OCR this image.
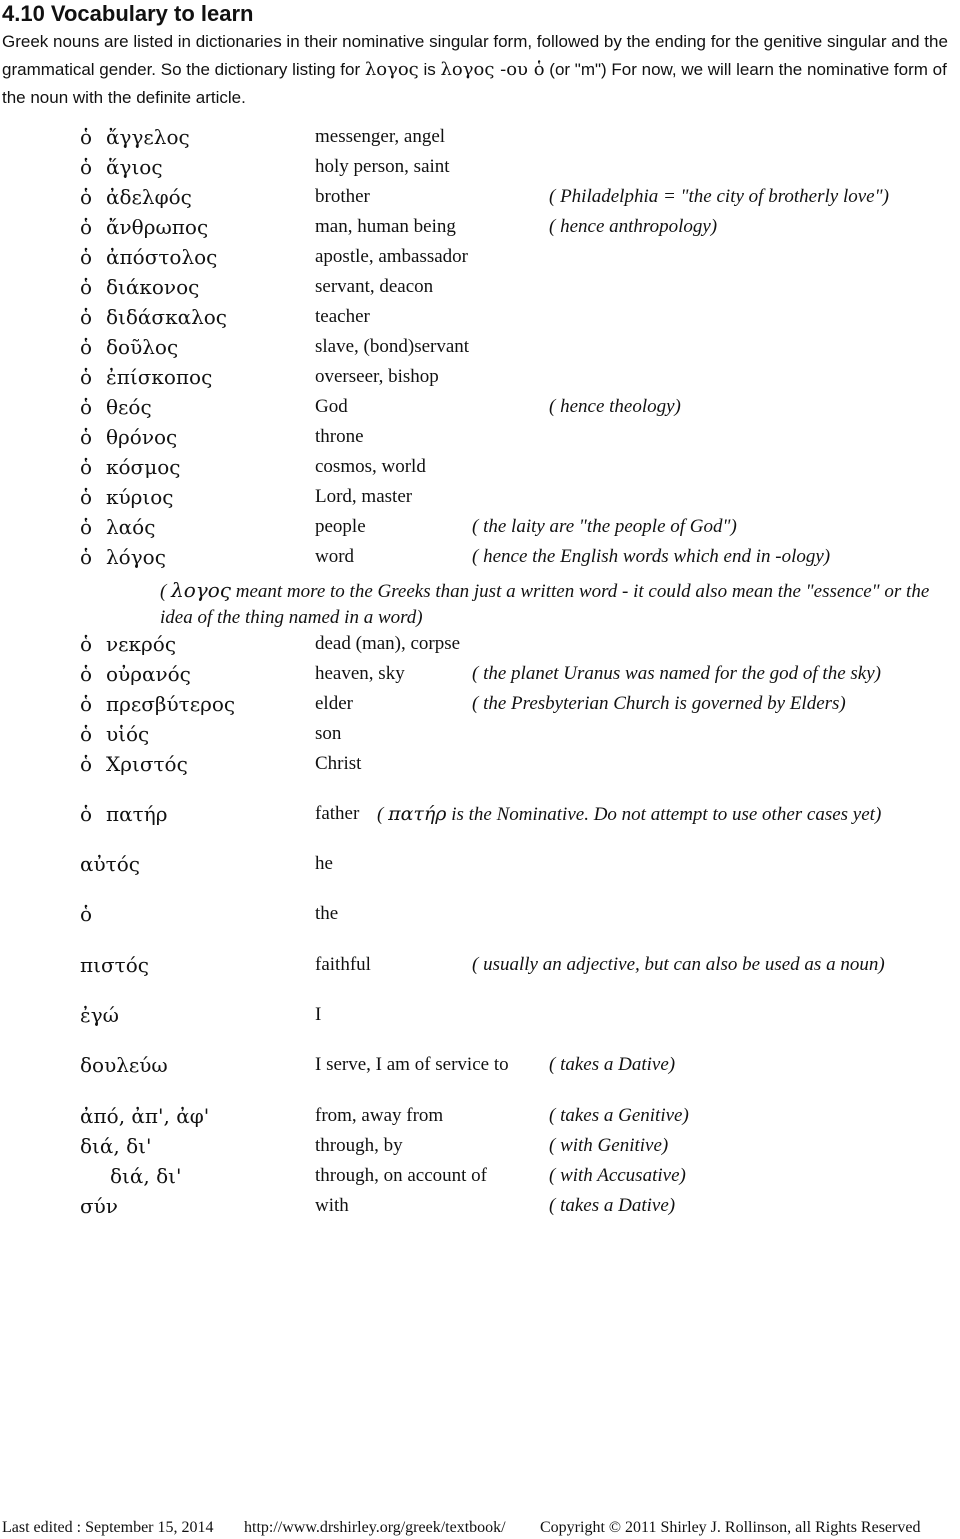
4.10 Vocabulary to learn

Greek nouns are listed in dictionaries in their nominative singular form, followed by the ending for the genitive singular and the grammatical gender. So the dictionary listing for λογος is λογος -ου ὁ (or "m") For now, we will learn the nominative form of the noun with the definite article.

ὁ ἄγγελος	messenger, angel
ὁ ἅγιος	holy person, saint
ὁ ἀδελφός	brother	( Philadelphia = "the city of brotherly love")
ὁ ἄνθρωπος	man, human being	( hence anthropology)
ὁ ἀπόστολος	apostle, ambassador
ὁ διάκονος	servant, deacon
ὁ διδάσκαλος	teacher
ὁ δοῦλος	slave, (bond)servant
ὁ ἐπίσκοπος	overseer, bishop
ὁ θεός	God	( hence theology)
ὁ θρόνος	throne
ὁ κόσμος	cosmos, world
ὁ κύριος	Lord, master
ὁ λαός	people	( the laity are "the people of God")
ὁ λόγος	word	( hence the English words which end in -ology)

( λογος meant more to the Greeks than just a written word - it could also mean the "essence" or the idea of the thing named in a word)

ὁ νεκρός	dead (man), corpse
ὁ οὐρανός	heaven, sky	( the planet Uranus was named for the god of the sky)
ὁ πρεσβύτερος	elder	( the Presbyterian Church is governed by Elders)
ὁ υἱός	son
ὁ Χριστός	Christ
ὁ πατήρ	father ( πατήρ is the Nominative. Do not attempt to use other cases yet)
αὐτός	he
ὁ	the
πιστός	faithful	( usually an adjective, but can also be used as a noun)
ἐγώ	I
δουλεύω	I serve, I am of service to ( takes a Dative)
ἀπό, ἀπ', ἀφ'	from, away from	( takes a Genitive)
διά, δι'	through, by	( with Genitive)
διά, δι'	through, on account of	( with Accusative)
σύν	with	( takes a Dative)
Last edited : September 15, 2014 http://www.drshirley.org/greek/textbook/ Copyright © 2011 Shirley J. Rollinson, all Rights Reserved
